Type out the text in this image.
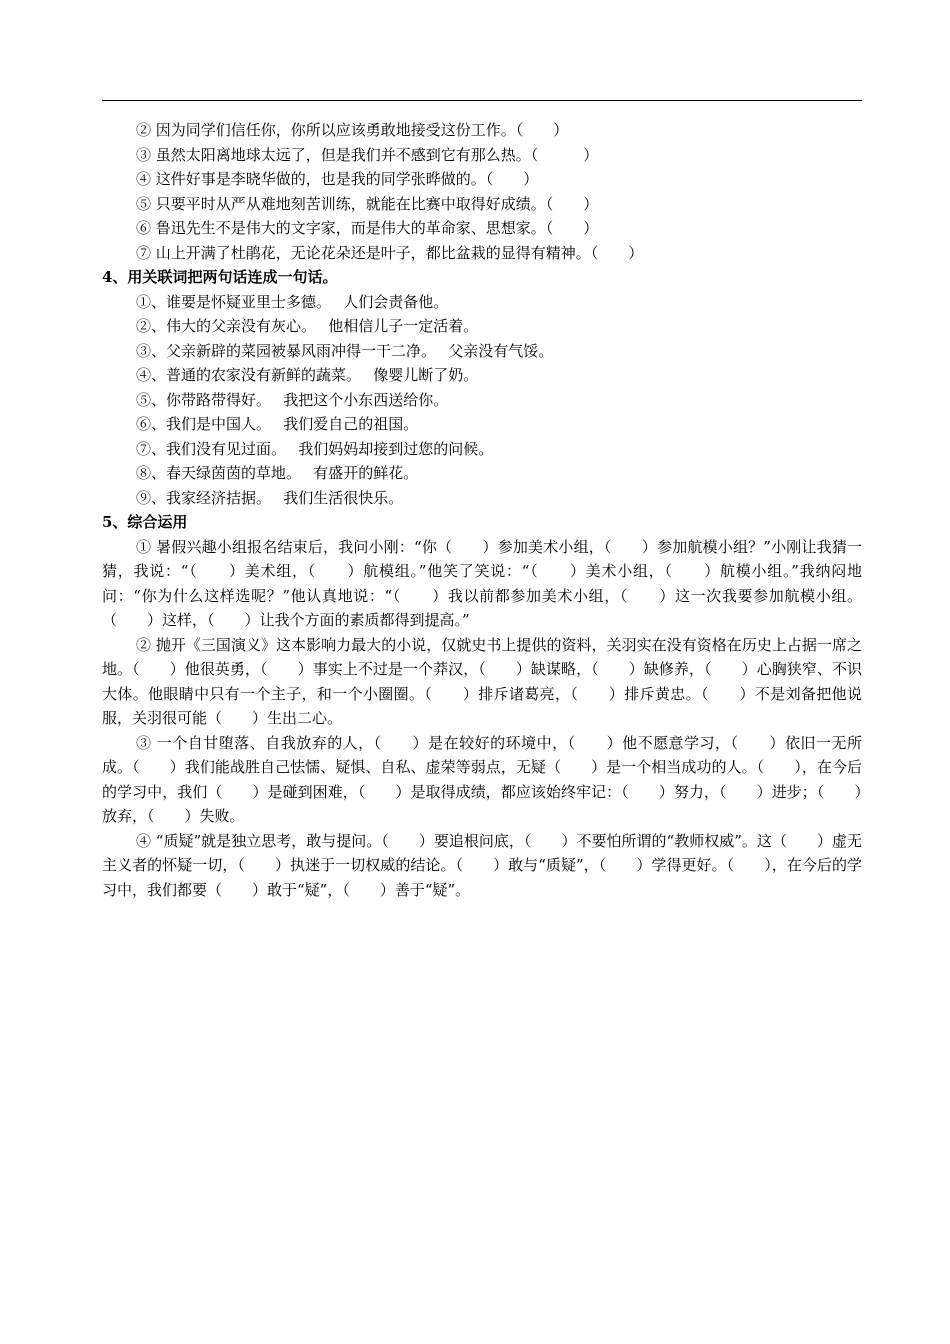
② 因为同学们信任你，你所以应该勇敢地接受这份工作。（　　）
③ 虽然太阳离地球太远了，但是我们并不感到它有那么热。（　　　）
④ 这件好事是李晓华做的，也是我的同学张晔做的。（　　）
⑤ 只要平时从严从难地刻苦训练，就能在比赛中取得好成绩。（　　）
⑥ 鲁迅先生不是伟大的文字家，而是伟大的革命家、思想家。（　　）
⑦ 山上开满了杜鹃花，无论花朵还是叶子，都比盆栽的显得有精神。（　　）
4、用关联词把两句话连成一句话。
①、谁要是怀疑亚里士多德。　 人们会责备他。
②、伟大的父亲没有灰心。　 他相信儿子一定活着。
③、父亲新辟的菜园被暴风雨冲得一干二净。　 父亲没有气馁。
④、普通的农家没有新鲜的蔬菜。　 像婴儿断了奶。
⑤、你带路带得好。　 我把这个小东西送给你。
⑥、我们是中国人。　 我们爱自己的祖国。
⑦、我们没有见过面。　 我们妈妈却接到过您的问候。
⑧、春天绿茵茵的草地。　 有盛开的鲜花。
⑨、我家经济拮据。　 我们生活很快乐。
5、综合运用
① 暑假兴趣小组报名结束后，我问小刚：“你（　　）参加美术小组，（　　）参加航模小组？”小刚让我猜一猜，我说：“（　　）美术组，（　　）航模组。”他笑了笑说：“（　　）美术小组，（　　）航模小组。”我纳闷地问：“你为什么这样选呢？”他认真地说：“（　　）我以前都参加美术小组，（　　）这一次我要参加航模小组。（　　）这样，（　　）让我个方面的素质都得到提高。”
② 抛开《三国演义》这本影响力最大的小说，仅就史书上提供的资料，关羽实在没有资格在历史上占据一席之地。（　　）他很英勇，（　　）事实上不过是一个莽汉，（　　）缺谋略，（　　）缺修养，（　　）心胸狭窄、不识大体。他眼睛中只有一个主子，和一个小圈圈。（　　）排斥诸葛亮，（　　）排斥黄忠。（　　）不是刘备把他说服，关羽很可能（　　）生出二心。
③ 一个自甘堕落、自我放弃的人，（　　）是在较好的环境中，（　　）他不愿意学习，（　　）依旧一无所成。（　　）我们能战胜自己怯懦、疑惧、自私、虚荣等弱点，无疑（　　）是一个相当成功的人。（　　），在今后的学习中，我们（　　）是碰到困难，（　　）是取得成绩，都应该始终牢记：（　　）努力，（　　）进步；（　　）放弃，（　　）失败。
④ “质疑”就是独立思考，敢与提问。（　　）要追根问底，（　　）不要怕所谓的“教师权威”。这（　　）虚无主义者的怀疑一切，（　　）执迷于一切权威的结论。（　　）敢与“质疑”，（　　）学得更好。（　　），在今后的学习中，我们都要（　　）敢于“疑”，（　　）善于“疑”。
